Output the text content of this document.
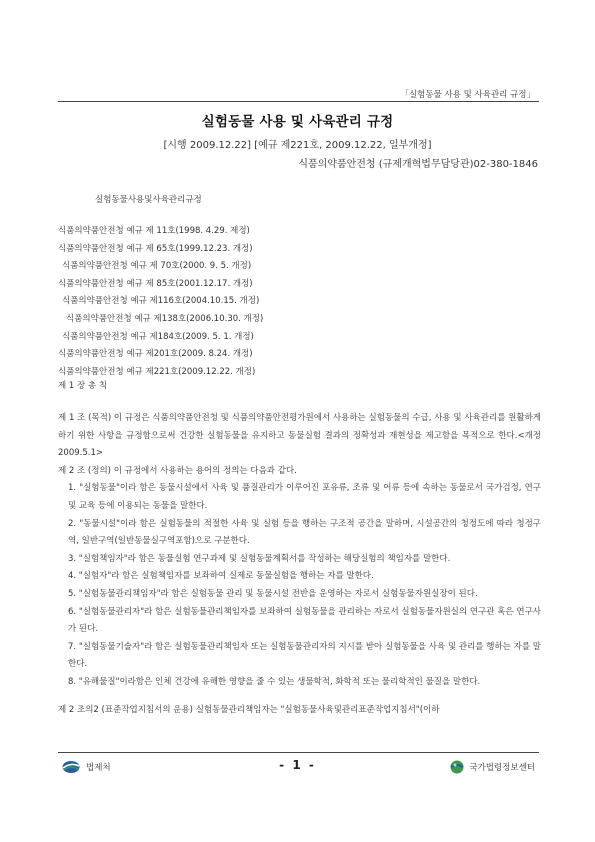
「실험동물 사용 및 사육관리 규정」
실험동물 사용 및 사육관리 규정
[시행 2009.12.22] [예규 제221호, 2009.12.22, 일부개정]
식품의약품안전청 (규제개혁법무담당관)02-380-1846
실험동물사용및사육관리규정
식품의약품안전청 예규 제 11호(1998. 4.29. 제정)
식품의약품안전청 예규 제 65호(1999.12.23. 개정)
식품의약품안전청 예규 제 70호(2000. 9. 5. 개정)
식품의약품안전청 예규 제 85호(2001.12.17. 개정)
식품의약품안전청 예규 제116호(2004.10.15. 개정)
식품의약품안전청 예규 제138호(2006.10.30. 개정)
식품의약품안전청 예규 제184호(2009. 5. 1. 개정)
식품의약품안전청 예규 제201호(2009. 8.24. 개정)
식품의약품안전청 예규 제221호(2009.12.22. 개정)
제 1 장 총 칙
제 1 조 (목적) 이 규정은 식품의약품안전청 및 식품의약품안전평가원에서 사용하는 실험동물의 수급, 사용 및 사육관리를 원활하게 하기 위한 사항을 규정함으로써 건강한 실험동물을 유지하고 동물실험 결과의 정확성과 재현성을 제고함을 목적으로 한다.<개정 2009.5.1>
제 2 조 (정의) 이 규정에서 사용하는 용어의 정의는 다음과 같다.
1. "실험동물"이라 함은 동물시설에서 사육 및 품질관리가 이루어진 포유류, 조류 및 어류 등에 속하는 동물로서 국가검정, 연구 및 교육 등에 이용되는 동물을 말한다.
2. "동물시설"이라 함은 실험동물의 적절한 사육 및 실험 등을 행하는 구조적 공간을 말하며, 시설공간의 청정도에 따라 청정구역, 일반구역(일반동물실구역포함)으로 구분한다.
3. "실험책임자"라 함은 동물실험 연구과제 및 실험동물계획서를 작성하는 해당실험의 책임자를 말한다.
4. "실험자"라 함은 실험책임자를 보좌하여 실제로 동물실험을 행하는 자를 말한다.
5. "실험동물관리책임자"라 함은 실험동물 관리 및 동물시설 전반을 운영하는 자로서 실험동물자원실장이 된다.
6. "실험동물관리자"라 함은 실험동물관리책임자를 보좌하여 실험동물을 관리하는 자로서 실험동물자원실의 연구관 혹은 연구사가 된다.
7. "실험동물기술자"라 함은 실험동물관리책임자 또는 실험동물관리자의 지시를 받아 실험동물을 사육 및 관리를 행하는 자를 말한다.
8. "유해물질"이라함은 인체 건강에 유해한 영향을 줄 수 있는 생물학적, 화학적 또는 물리학적인 물질을 말한다.
제 2 조의2 (표준작업지침서의 운용) 실험동물관리책임자는 "실험동물사육및관리표준작업지침서"(이하
법제처	- 1 -	국가법령정보센터
